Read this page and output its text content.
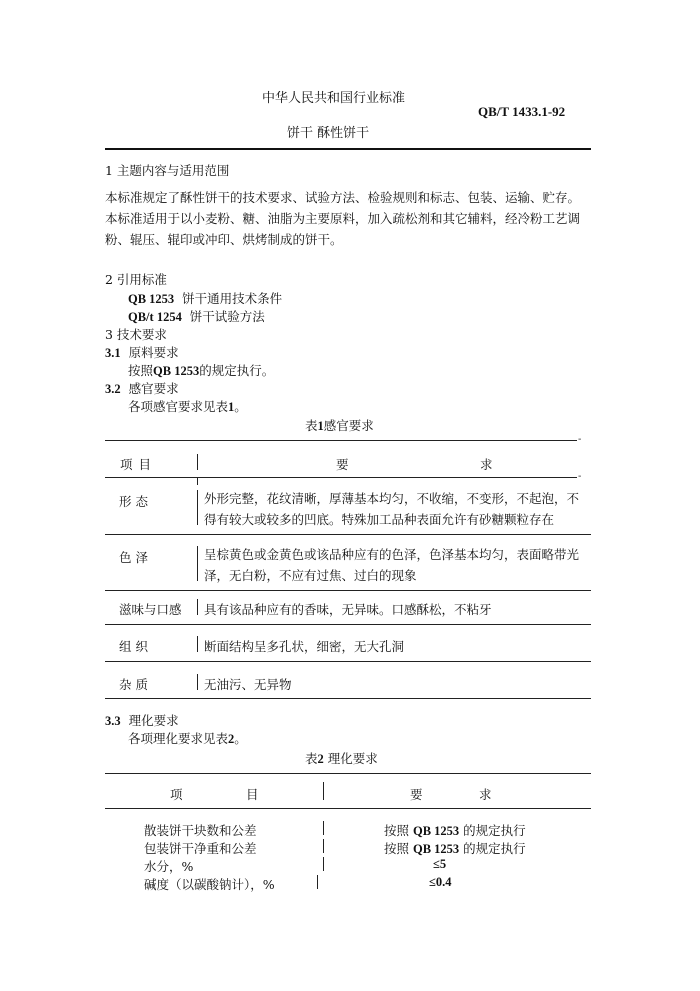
中华人民共和国行业标准
QB/T 1433.1-92
饼干 酥性饼干
1 主题内容与适用范围
本标准规定了酥性饼干的技术要求、试验方法、检验规则和标志、包装、运输、贮存。
本标准适用于以小麦粉、糖、油脂为主要原料，加入疏松剂和其它辅料，经冷粉工艺调粉、辊压、辊印或冲印、烘烤制成的饼干。
2 引用标准
QB 1253 饼干通用技术条件
QB/t 1254 饼干试验方法
3 技术要求
3.1 原料要求
按照QB 1253的规定执行。
3.2 感官要求
各项感官要求见表1。
表1感官要求
-
项 目	要	求
-
形 态	外形完整，花纹清晰，厚薄基本均匀，不收缩，不变形，不起泡，不得有较大或较多的凹底。特殊加工品种表面允许有砂糖颗粒存在
色 泽	呈棕黄色或金黄色或该品种应有的色泽，色泽基本均匀，表面略带光泽，无白粉，不应有过焦、过白的现象
滋味与口感 具有该品种应有的香味，无异味。口感酥松，不粘牙
组 织	断面结构呈多孔状，细密，无大孔洞
杂 质	无油污、无异物
3.3 理化要求
各项理化要求见表2。
表2 理化要求
项	目	要	求
散装饼干块数和公差	按照 QB 1253 的规定执行
包装饼干净重和公差	按照 QB 1253 的规定执行
水分，%	≤5
碱度（以碳酸钠计），%	≤0.4
